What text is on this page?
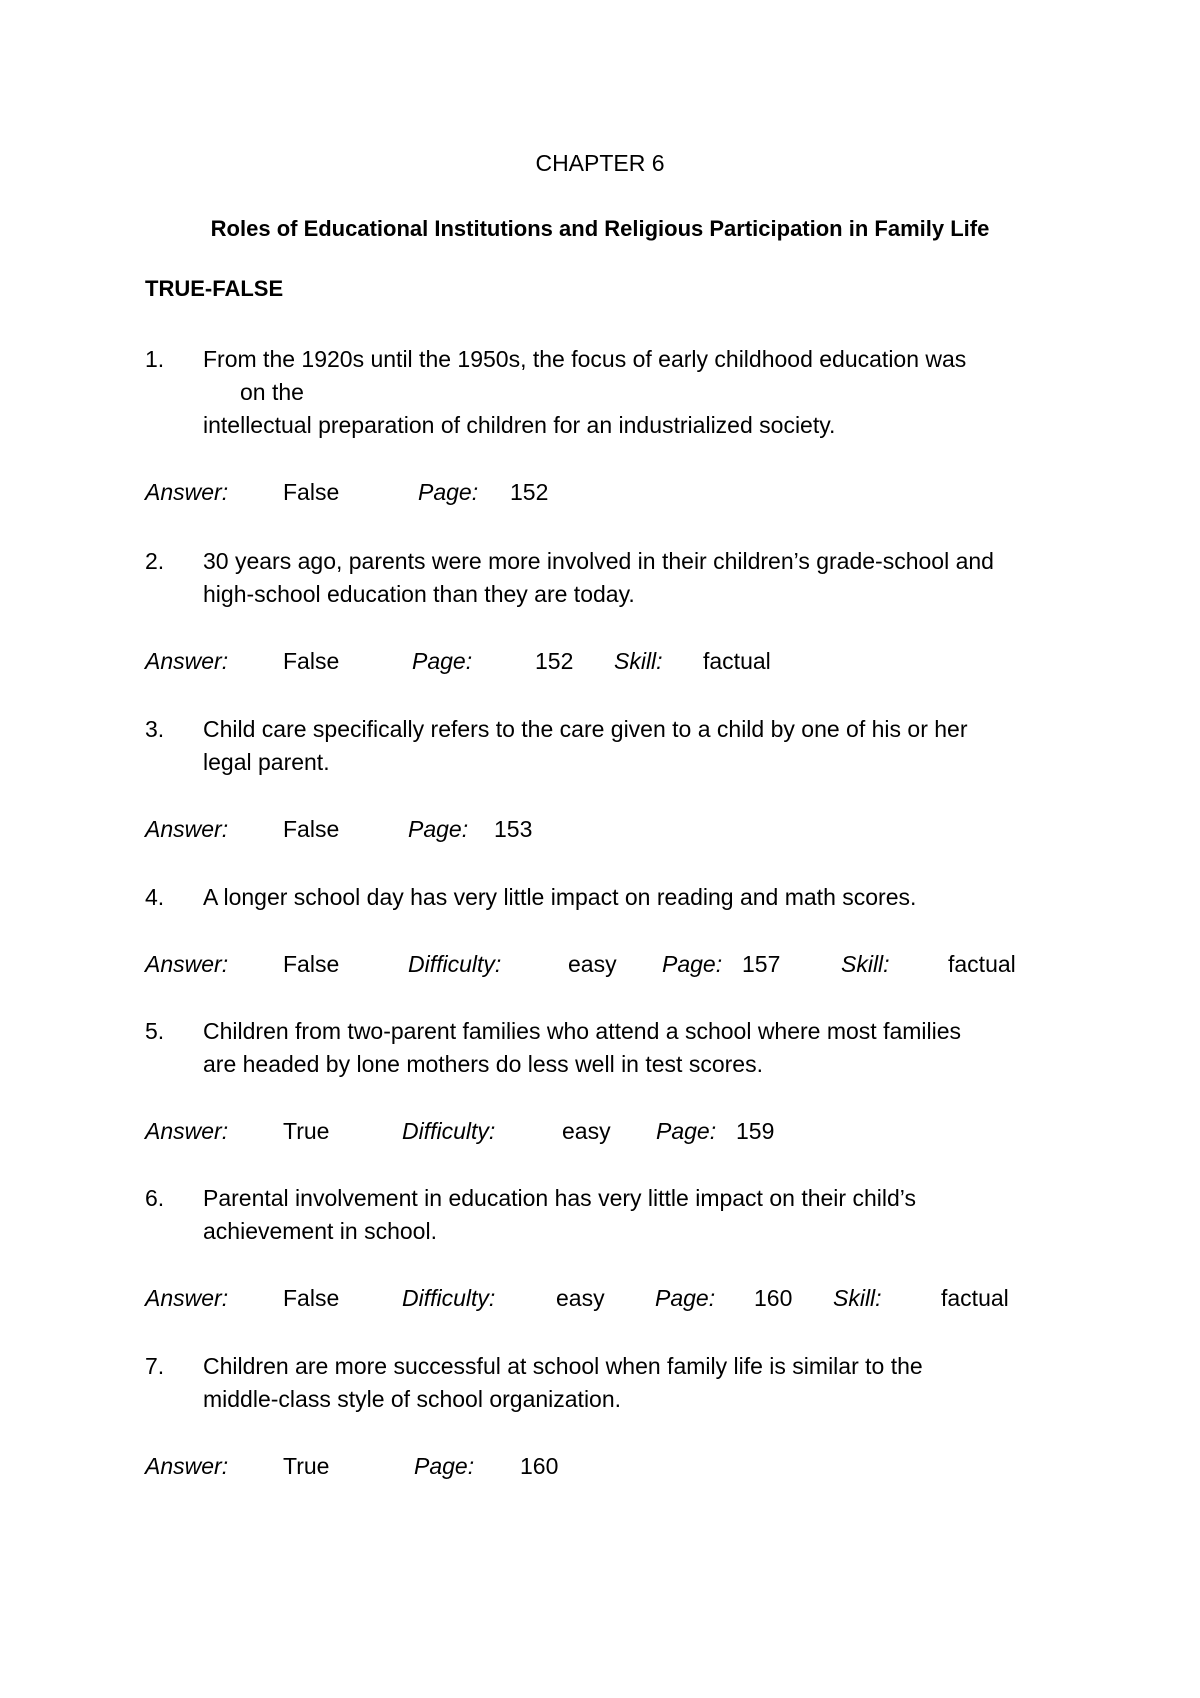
CHAPTER 6
Roles of Educational Institutions and Religious Participation in Family Life
TRUE-FALSE
1. From the 1920s until the 1950s, the focus of early childhood education was
on the
intellectual preparation of children for an industrialized society.
Answer: False	Page: 152
2. 30 years ago, parents were more involved in their children’s grade-school and
high-school education than they are today.
Answer: False	Page:	152 Skill: factual
3. Child care specifically refers to the care given to a child by one of his or her
legal parent.
Answer: False	Page: 153
4. A longer school day has very little impact on reading and math scores.
Answer: False	Difficulty:	easy Page: 157	Skill:	factual
5. Children from two-parent families who attend a school where most families
are headed by lone mothers do less well in test scores.
Answer: True	Difficulty:	easy Page: 159
6. Parental involvement in education has very little impact on their child’s
achievement in school.
Answer: False	Difficulty:	easy Page: 160 Skill:	factual
7. Children are more successful at school when family life is similar to the
middle-class style of school organization.
Answer: True	Page: 160
